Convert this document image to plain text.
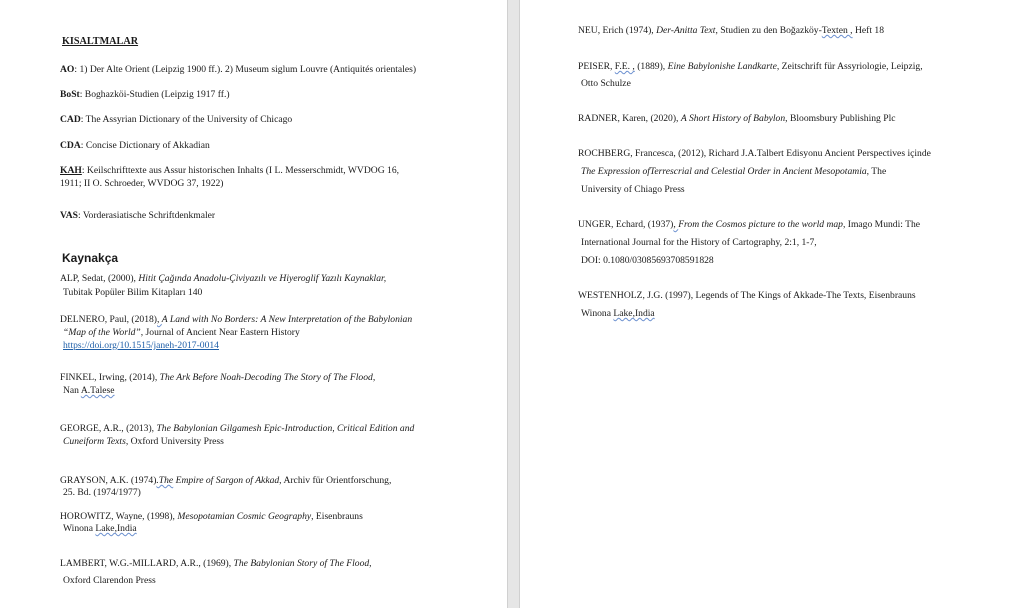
KISALTMALAR
AO: 1) Der Alte Orient (Leipzig 1900 ff.). 2) Museum siglum Louvre (Antiquités orientales)
BoSt: Boghazköi-Studien (Leipzig 1917 ff.)
CAD: The Assyrian Dictionary of the University of Chicago
CDA: Concise Dictionary of Akkadian
KAH: Keilschrifttexte aus Assur historischen Inhalts (I L. Messerschmidt, WVDOG 16,
1911; II O. Schroeder, WVDOG 37, 1922)
VAS: Vorderasiatische Schriftdenkmaler
Kaynakça
ALP, Sedat, (2000), Hitit Çağında Anadolu-Çiviyazılı ve Hiyeroglif Yazılı Kaynaklar,
Tubitak Popüler Bilim Kitapları 140
DELNERO, Paul, (2018), A Land with No Borders: A New Interpretation of the Babylonian
“Map of the World”, Journal of Ancient Near Eastern History
https://doi.org/10.1515/janeh-2017-0014
FINKEL, Irwing, (2014), The Ark Before Noah-Decoding The Story of The Flood,
Nan A.Talese
GEORGE, A.R., (2013), The Babylonian Gilgamesh Epic-Introduction, Critical Edition and
Cuneiform Texts, Oxford University Press
GRAYSON, A.K. (1974).The Empire of Sargon of Akkad, Archiv für Orientforschung,
25. Bd. (1974/1977)
HOROWITZ, Wayne, (1998), Mesopotamian Cosmic Geography, Eisenbrauns
Winona Lake,India
LAMBERT, W.G.-MILLARD, A.R., (1969), The Babylonian Story of The Flood,
Oxford Clarendon Press
NEU, Erich (1974), Der-Anitta Text, Studien zu den Boğazköy-Texten , Heft 18
PEISER, F.E. , (1889), Eine Babylonishe Landkarte, Zeitschrift für Assyriologie, Leipzig,
Otto Schulze
RADNER, Karen, (2020), A Short History of Babylon, Bloomsbury Publishing Plc
ROCHBERG, Francesca, (2012), Richard J.A.Talbert Edisyonu Ancient Perspectives içinde
The Expression ofTerrescrial and Celestial Order in Ancient Mesopotamia, The
University of Chiago Press
UNGER, Echard, (1937), From the Cosmos picture to the world map, Imago Mundi: The
International Journal for the History of Cartography, 2:1, 1-7,
DOI: 0.1080/03085693708591828
WESTENHOLZ, J.G. (1997), Legends of The Kings of Akkade-The Texts, Eisenbrauns
Winona Lake,India
